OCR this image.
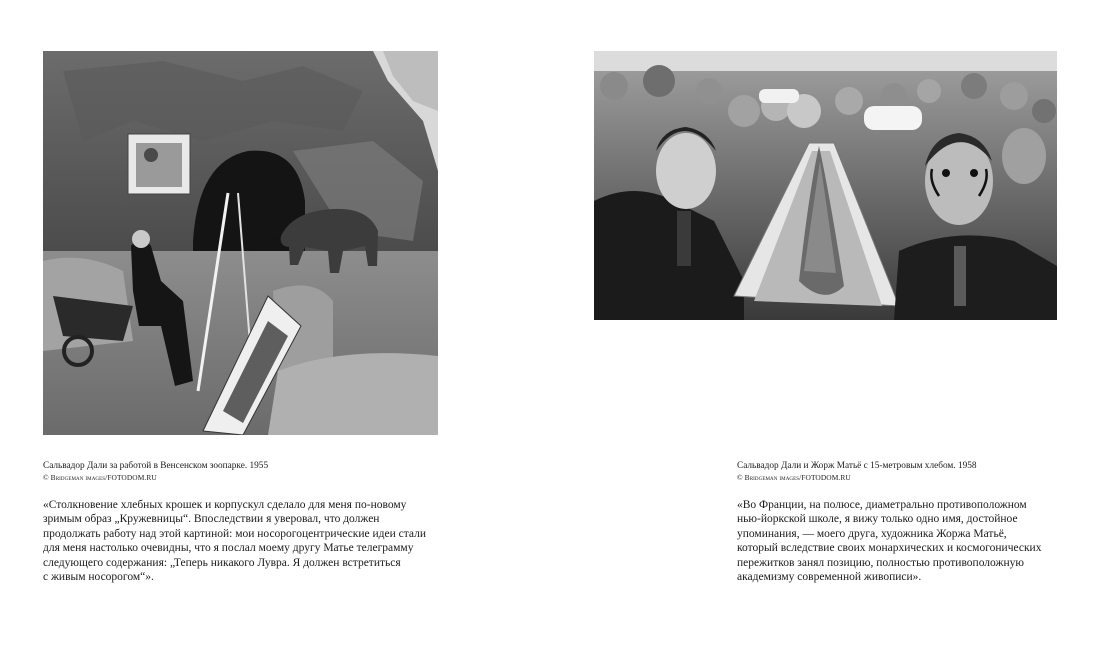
Сальвадор Дали за работой в Венсенском зоопарке. 1955

© Bridgeman images/FOTODOM.RU

Сальвадор Дали и Жорж Матьё с 15-метровым хлебом. 1958

© Bridgeman images/FOTODOM.RU

«Столкновение хлебных крошек и корпускул сделало для меня по-новому
зримым образ „Кружевницы“. Впоследствии я уверовал, что должен
продолжать работу над этой картиной: мои носорогоцентрические идеи стали
для меня настолько очевидны, что я послал моему другу Матье телеграмму
следующего содержания: „Теперь никакого Лувра. Я должен встретиться
с живым носорогом“».
«Во Франции, на полюсе, диаметрально противоположном
нью-йоркской школе, я вижу только одно имя, достойное
упоминания, — моего друга, художника Жоржа Матьё,
который вследствие своих монархических и космогонических
пережитков занял позицию, полностью противоположную
академизму современной живописи».
